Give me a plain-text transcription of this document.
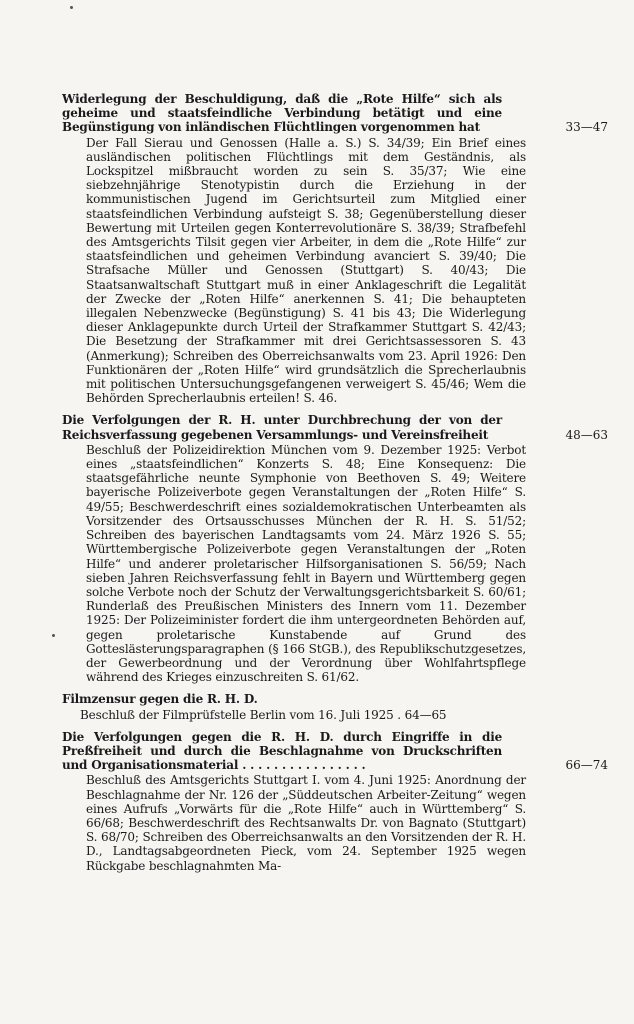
Widerlegung der Beschuldigung, daß die „Rote Hilfe“ sich als geheime und staatsfeindliche Verbindung betätigt und eine Begünstigung von inländischen Flüchtlingen vorgenommen hat	33—47
Der Fall Sierau und Genossen (Halle a. S.) S. 34/39; Ein Brief eines ausländischen politischen Flüchtlings mit dem Geständnis, als Lockspitzel mißbraucht worden zu sein S. 35/37; Wie eine siebzehnjährige Stenotypistin durch die Erziehung in der kommunistischen Jugend im Gerichtsurteil zum Mitglied einer staatsfeindlichen Verbindung aufsteigt S. 38; Gegenüberstellung dieser Bewertung mit Urteilen gegen Konterrevolutionäre S. 38/39; Strafbefehl des Amtsgerichts Tilsit gegen vier Arbeiter, in dem die „Rote Hilfe“ zur staatsfeindlichen und geheimen Verbindung avanciert S. 39/40; Die Strafsache Müller und Genossen (Stuttgart) S. 40/43; Die Staatsanwaltschaft Stuttgart muß in einer Anklageschrift die Legalität der Zwecke der „Roten Hilfe“ anerkennen S. 41; Die behaupteten illegalen Nebenzwecke (Begünstigung) S. 41 bis 43; Die Widerlegung dieser Anklagepunkte durch Urteil der Strafkammer Stuttgart S. 42/43; Die Besetzung der Strafkammer mit drei Gerichtsassessoren S. 43 (Anmerkung); Schreiben des Oberreichsanwalts vom 23. April 1926: Den Funktionären der „Roten Hilfe“ wird grundsätzlich die Sprecherlaubnis mit politischen Untersuchungsgefangenen verweigert S. 45/46; Wem die Behörden Sprecherlaubnis erteilen! S. 46.
Die Verfolgungen der R. H. unter Durchbrechung der von der Reichsverfassung gegebenen Versammlungs- und Vereinsfreiheit	48—63
Beschluß der Polizeidirektion München vom 9. Dezember 1925: Verbot eines „staatsfeindlichen“ Konzerts S. 48; Eine Konsequenz: Die staatsgefährliche neunte Symphonie von Beethoven S. 49; Weitere bayerische Polizeiverbote gegen Veranstaltungen der „Roten Hilfe“ S. 49/55; Beschwerdeschrift eines sozialdemokratischen Unterbeamten als Vorsitzender des Ortsausschusses München der R. H. S. 51/52; Schreiben des bayerischen Landtagsamts vom 24. März 1926 S. 55; Württembergische Polizeiverbote gegen Veranstaltungen der „Roten Hilfe“ und anderer proletarischer Hilfsorganisationen S. 56/59; Nach sieben Jahren Reichsverfassung fehlt in Bayern und Württemberg gegen solche Verbote noch der Schutz der Verwaltungsgerichtsbarkeit S. 60/61; Runderlaß des Preußischen Ministers des Innern vom 11. Dezember 1925: Der Polizeiminister fordert die ihm untergeordneten Behörden auf, gegen proletarische Kunstabende auf Grund des Gotteslästerungsparagraphen (§ 166 StGB.), des Republikschutzgesetzes, der Gewerbeordnung und der Verordnung über Wohlfahrtspflege während des Krieges einzuschreiten S. 61/62.
Filmzensur gegen die R. H. D.
Beschluß der Filmprüfstelle Berlin vom 16. Juli 1925 . 64—65
Die Verfolgungen gegen die R. H. D. durch Eingriffe in die Preßfreiheit und durch die Beschlagnahme von Druckschriften und Organisationsmaterial . . . . . . . . . . . . . . . .	66—74
Beschluß des Amtsgerichts Stuttgart I. vom 4. Juni 1925: Anordnung der Beschlagnahme der Nr. 126 der „Süddeutschen Arbeiter-Zeitung“ wegen eines Aufrufs „Vorwärts für die „Rote Hilfe“ auch in Württemberg“ S. 66/68; Beschwerdeschrift des Rechtsanwalts Dr. von Bagnato (Stuttgart) S. 68/70; Schreiben des Oberreichsanwalts an den Vorsitzenden der R. H. D., Landtagsabgeordneten Pieck, vom 24. September 1925 wegen Rückgabe beschlagnahmten Ma-
